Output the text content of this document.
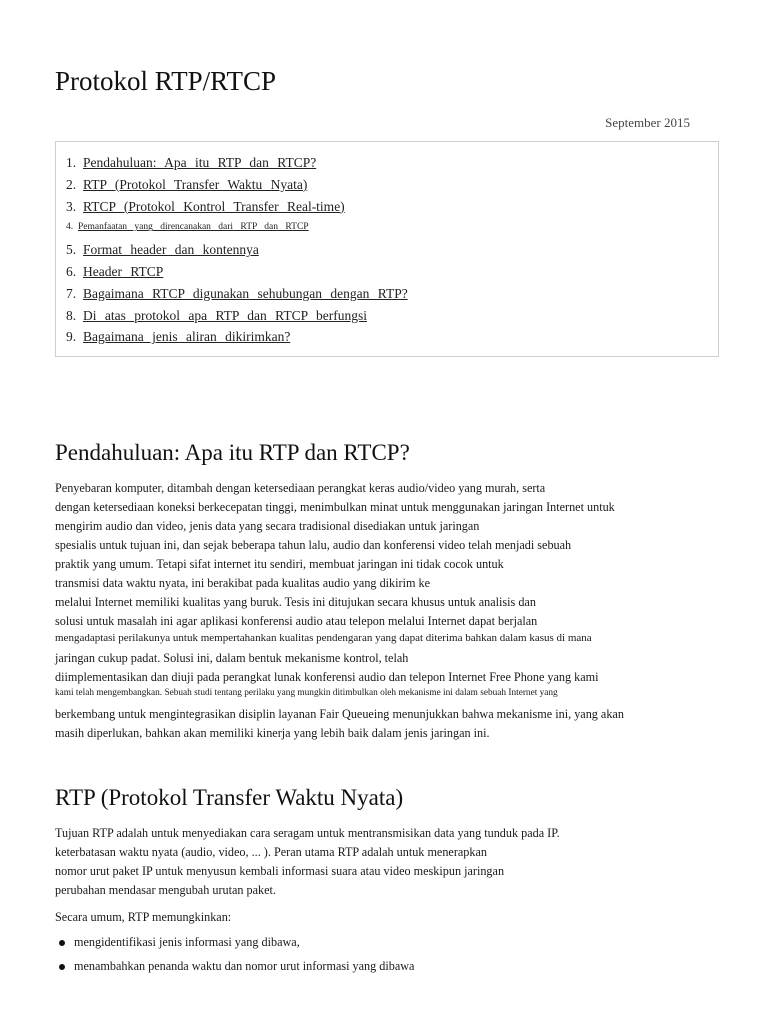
Protokol RTP/RTCP
September 2015
1. Pendahuluan: Apa itu RTP dan RTCP?
2. RTP (Protokol Transfer Waktu Nyata)
3. RTCP (Protokol Kontrol Transfer Real-time)
4. Pemanfaatan yang direncanakan dari RTP dan RTCP
5. Format header dan kontennya
6. Header RTCP
7. Bagaimana RTCP digunakan sehubungan dengan RTP?
8. Di atas protokol apa RTP dan RTCP berfungsi
9. Bagaimana jenis aliran dikirimkan?
Pendahuluan: Apa itu RTP dan RTCP?
Penyebaran komputer, ditambah dengan ketersediaan perangkat keras audio/video yang murah, serta
dengan ketersediaan koneksi berkecepatan tinggi, menimbulkan minat untuk menggunakan jaringan Internet untuk
mengirim audio dan video, jenis data yang secara tradisional disediakan untuk jaringan
spesialis untuk tujuan ini, dan sejak beberapa tahun lalu, audio dan konferensi video telah menjadi sebuah
praktik yang umum. Tetapi sifat internet itu sendiri, membuat jaringan ini tidak cocok untuk
transmisi data waktu nyata, ini berakibat pada kualitas audio yang dikirim ke
melalui Internet memiliki kualitas yang buruk. Tesis ini ditujukan secara khusus untuk analisis dan
solusi untuk masalah ini agar aplikasi konferensi audio atau telepon melalui Internet dapat berjalan
mengadaptasi perilakunya untuk mempertahankan kualitas pendengaran yang dapat diterima bahkan dalam kasus di mana
jaringan cukup padat. Solusi ini, dalam bentuk mekanisme kontrol, telah
diimplementasikan dan diuji pada perangkat lunak konferensi audio dan telepon Internet Free Phone yang kami
kami telah mengembangkan. Sebuah studi tentang perilaku yang mungkin ditimbulkan oleh mekanisme ini dalam sebuah Internet yang
berkembang untuk mengintegrasikan disiplin layanan Fair Queueing menunjukkan bahwa mekanisme ini, yang akan
masih diperlukan, bahkan akan memiliki kinerja yang lebih baik dalam jenis jaringan ini.
RTP (Protokol Transfer Waktu Nyata)
Tujuan RTP adalah untuk menyediakan cara seragam untuk mentransmisikan data yang tunduk pada IP.
keterbatasan waktu nyata (audio, video, ... ). Peran utama RTP adalah untuk menerapkan
nomor urut paket IP untuk menyusun kembali informasi suara atau video meskipun jaringan
perubahan mendasar mengubah urutan paket.
Secara umum, RTP memungkinkan:
mengidentifikasi jenis informasi yang dibawa,
menambahkan penanda waktu dan nomor urut informasi yang dibawa
